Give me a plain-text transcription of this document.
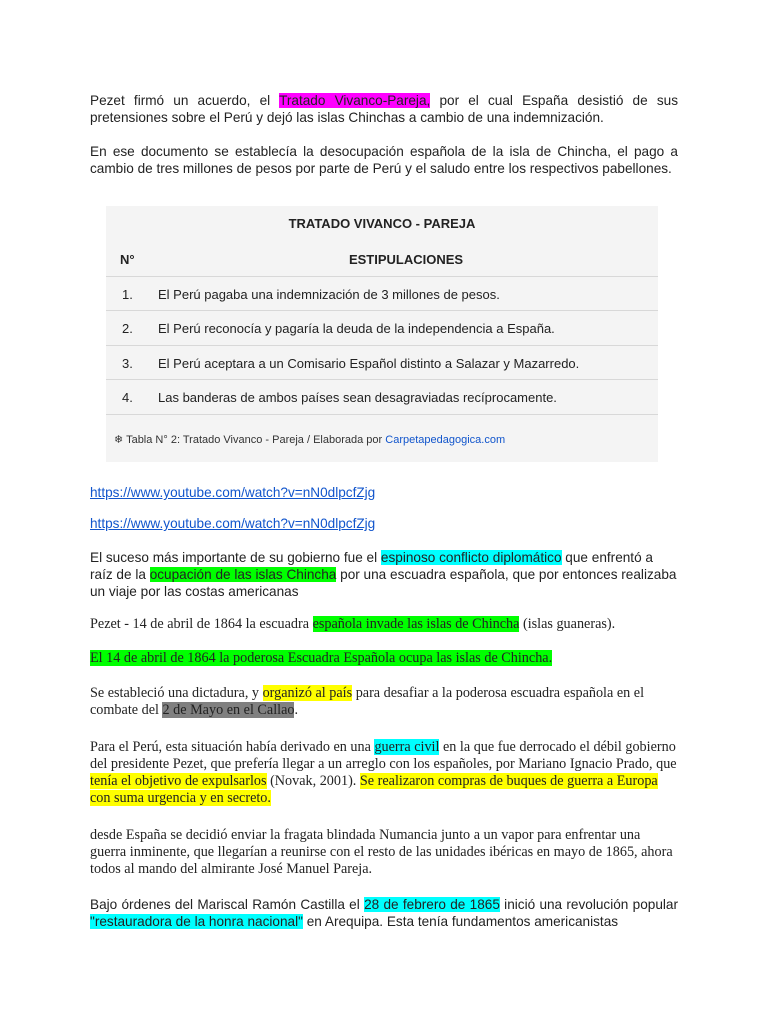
Pezet firmó un acuerdo, el Tratado Vivanco-Pareja, por el cual España desistió de sus pretensiones sobre el Perú y dejó las islas Chinchas a cambio de una indemnización.

En ese documento se establecía la desocupación española de la isla de Chincha, el pago a cambio de tres millones de pesos por parte de Perú y el saludo entre los respectivos pabellones.

TRATADO VIVANCO - PAREJA
N°	ESTIPULACIONES
1. El Perú pagaba una indemnización de 3 millones de pesos.
2. El Perú reconocía y pagaría la deuda de la independencia a España.
3. El Perú aceptara a un Comisario Español distinto a Salazar y Mazarredo.
4. Las banderas de ambos países sean desagraviadas recíprocamente.
❄ Tabla N° 2: Tratado Vivanco - Pareja / Elaborada por Carpetapedagogica.com

https://www.youtube.com/watch?v=nN0dlpcfZjg

https://www.youtube.com/watch?v=nN0dlpcfZjg

El suceso más importante de su gobierno fue el espinoso conflicto diplomático que enfrentó a raíz de la ocupación de las islas Chincha por una escuadra española, que por entonces realizaba un viaje por las costas americanas

Pezet - 14 de abril de 1864 la escuadra española invade las islas de Chincha (islas guaneras).

El 14 de abril de 1864 la poderosa Escuadra Española ocupa las islas de Chincha.

Se estableció una dictadura, y organizó al país para desafiar a la poderosa escuadra española en el combate del 2 de Mayo en el Callao.

Para el Perú, esta situación había derivado en una guerra civil en la que fue derrocado el débil gobierno del presidente Pezet, que prefería llegar a un arreglo con los españoles, por Mariano Ignacio Prado, que tenía el objetivo de expulsarlos (Novak, 2001). Se realizaron compras de buques de guerra a Europa con suma urgencia y en secreto.

desde España se decidió enviar la fragata blindada Numancia junto a un vapor para enfrentar una guerra inminente, que llegarían a reunirse con el resto de las unidades ibéricas en mayo de 1865, ahora todos al mando del almirante José Manuel Pareja.

Bajo órdenes del Mariscal Ramón Castilla el 28 de febrero de 1865 inició una revolución popular "restauradora de la honra nacional" en Arequipa. Esta tenía fundamentos americanistas
